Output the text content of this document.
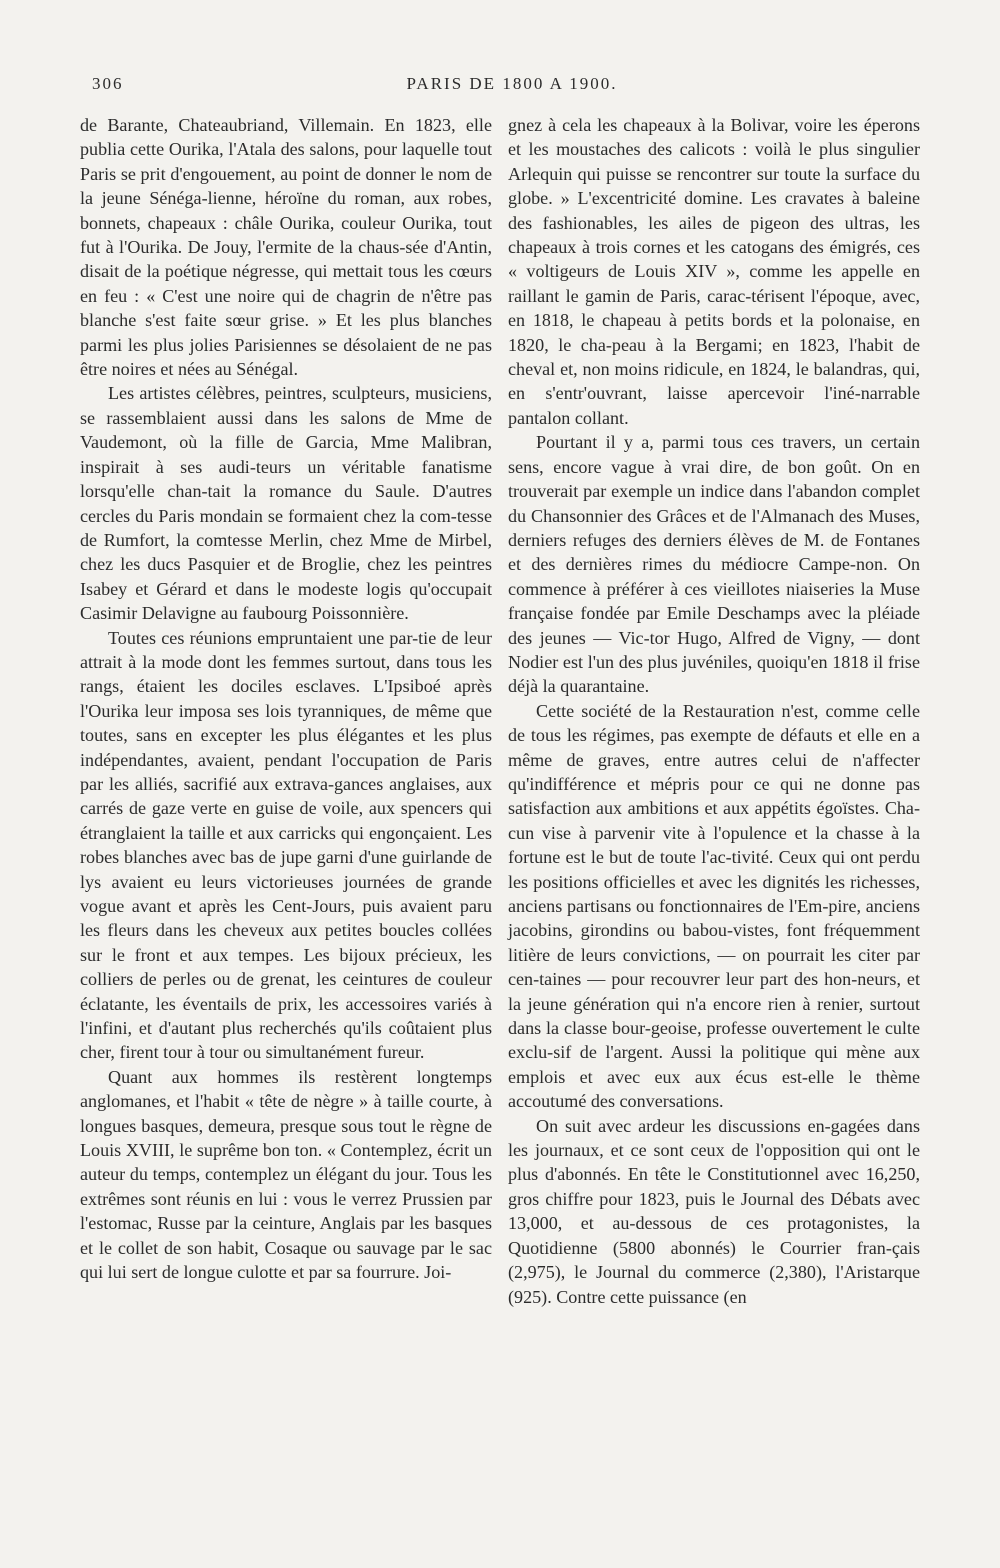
306	PARIS DE 1800 A 1900.

de Barante, Chateaubriand, Villemain. En 1823, elle publia cette Ourika, l'Atala des salons, pour laquelle tout Paris se prit d'engouement, au point de donner le nom de la jeune Sénéga-lienne, héroïne du roman, aux robes, bonnets, chapeaux : châle Ourika, couleur Ourika, tout fut à l'Ourika. De Jouy, l'ermite de la chaus-sée d'Antin, disait de la poétique négresse, qui mettait tous les cœurs en feu : « C'est une noire qui de chagrin de n'être pas blanche s'est faite sœur grise. » Et les plus blanches parmi les plus jolies Parisiennes se désolaient de ne pas être noires et nées au Sénégal.

Les artistes célèbres, peintres, sculpteurs, musiciens, se rassemblaient aussi dans les salons de Mme de Vaudemont, où la fille de Garcia, Mme Malibran, inspirait à ses audi-teurs un véritable fanatisme lorsqu'elle chan-tait la romance du Saule. D'autres cercles du Paris mondain se formaient chez la com-tesse de Rumfort, la comtesse Merlin, chez Mme de Mirbel, chez les ducs Pasquier et de Broglie, chez les peintres Isabey et Gérard et dans le modeste logis qu'occupait Casimir Delavigne au faubourg Poissonnière.

Toutes ces réunions empruntaient une par-tie de leur attrait à la mode dont les femmes surtout, dans tous les rangs, étaient les dociles esclaves. L'Ipsiboé après l'Ourika leur imposa ses lois tyranniques, de même que toutes, sans en excepter les plus élégantes et les plus indépendantes, avaient, pendant l'occupation de Paris par les alliés, sacrifié aux extrava-gances anglaises, aux carrés de gaze verte en guise de voile, aux spencers qui étranglaient la taille et aux carricks qui engonçaient. Les robes blanches avec bas de jupe garni d'une guirlande de lys avaient eu leurs victorieuses journées de grande vogue avant et après les Cent-Jours, puis avaient paru les fleurs dans les cheveux aux petites boucles collées sur le front et aux tempes. Les bijoux précieux, les colliers de perles ou de grenat, les ceintures de couleur éclatante, les éventails de prix, les accessoires variés à l'infini, et d'autant plus recherchés qu'ils coûtaient plus cher, firent tour à tour ou simultanément fureur.

Quant aux hommes ils restèrent longtemps anglomanes, et l'habit « tête de nègre » à taille courte, à longues basques, demeura, presque sous tout le règne de Louis XVIII, le suprême bon ton. « Contemplez, écrit un auteur du temps, contemplez un élégant du jour. Tous les extrêmes sont réunis en lui : vous le verrez Prussien par l'estomac, Russe par la ceinture, Anglais par les basques et le collet de son habit, Cosaque ou sauvage par le sac qui lui sert de longue culotte et par sa fourrure. Joi-

gnez à cela les chapeaux à la Bolivar, voire les éperons et les moustaches des calicots : voilà le plus singulier Arlequin qui puisse se rencontrer sur toute la surface du globe. » L'excentricité domine. Les cravates à baleine des fashionables, les ailes de pigeon des ultras, les chapeaux à trois cornes et les catogans des émigrés, ces « voltigeurs de Louis XIV », comme les appelle en raillant le gamin de Paris, carac-térisent l'époque, avec, en 1818, le chapeau à petits bords et la polonaise, en 1820, le cha-peau à la Bergami; en 1823, l'habit de cheval et, non moins ridicule, en 1824, le balandras, qui, en s'entr'ouvrant, laisse apercevoir l'iné-narrable pantalon collant.

Pourtant il y a, parmi tous ces travers, un certain sens, encore vague à vrai dire, de bon goût. On en trouverait par exemple un indice dans l'abandon complet du Chansonnier des Grâces et de l'Almanach des Muses, derniers refuges des derniers élèves de M. de Fontanes et des dernières rimes du médiocre Campe-non. On commence à préférer à ces vieillotes niaiseries la Muse française fondée par Emile Deschamps avec la pléiade des jeunes — Vic-tor Hugo, Alfred de Vigny, — dont Nodier est l'un des plus juvéniles, quoiqu'en 1818 il frise déjà la quarantaine.

Cette société de la Restauration n'est, comme celle de tous les régimes, pas exempte de défauts et elle en a même de graves, entre autres celui de n'affecter qu'indifférence et mépris pour ce qui ne donne pas satisfaction aux ambitions et aux appétits égoïstes. Cha-cun vise à parvenir vite à l'opulence et la chasse à la fortune est le but de toute l'ac-tivité. Ceux qui ont perdu les positions officielles et avec les dignités les richesses, anciens partisans ou fonctionnaires de l'Em-pire, anciens jacobins, girondins ou babou-vistes, font fréquemment litière de leurs convictions, — on pourrait les citer par cen-taines — pour recouvrer leur part des hon-neurs, et la jeune génération qui n'a encore rien à renier, surtout dans la classe bour-geoise, professe ouvertement le culte exclu-sif de l'argent. Aussi la politique qui mène aux emplois et avec eux aux écus est-elle le thème accoutumé des conversations.

On suit avec ardeur les discussions en-gagées dans les journaux, et ce sont ceux de l'opposition qui ont le plus d'abonnés. En tête le Constitutionnel avec 16,250, gros chiffre pour 1823, puis le Journal des Débats avec 13,000, et au-dessous de ces protagonistes, la Quotidienne (5800 abonnés) le Courrier fran-çais (2,975), le Journal du commerce (2,380), l'Aristarque (925). Contre cette puissance (en
